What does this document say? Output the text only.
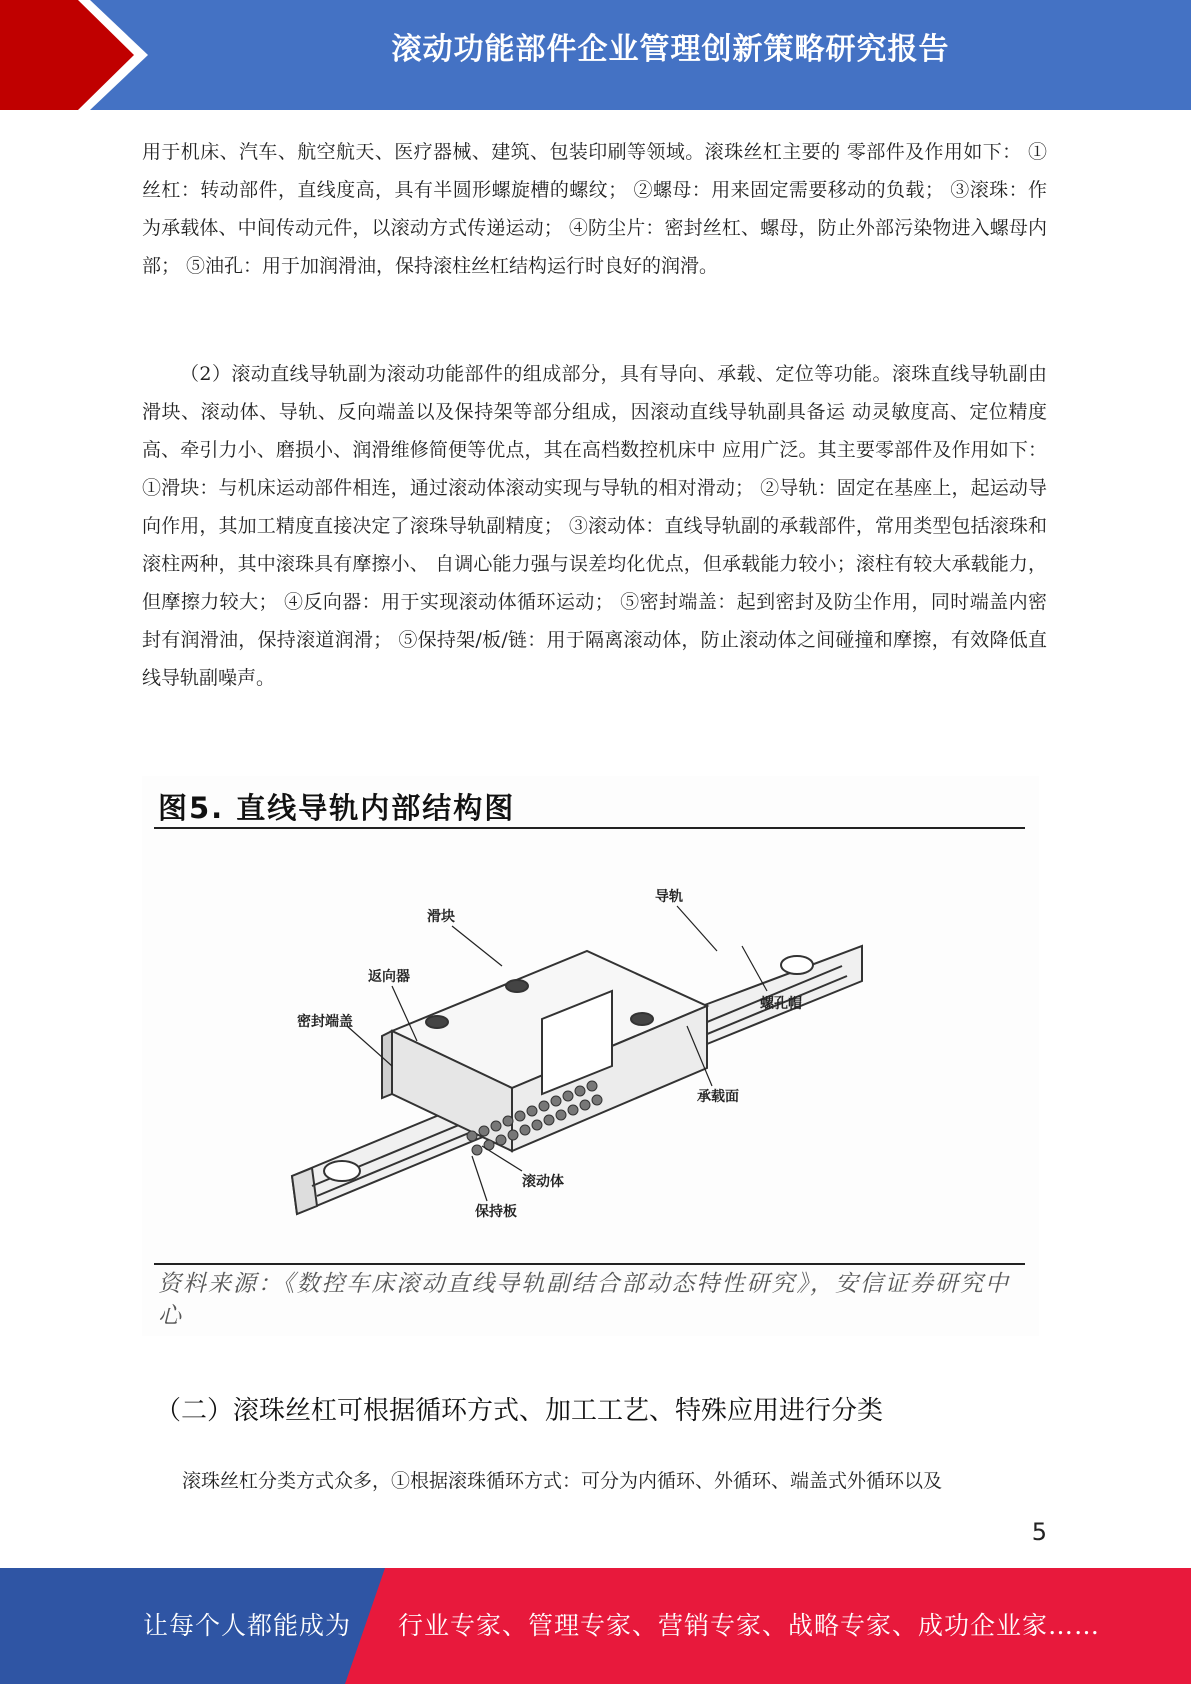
滚动功能部件企业管理创新策略研究报告

用于机床、汽车、航空航天、医疗器械、建筑、包装印刷等领域。滚珠丝杠主要的 零部件及作用如下： ①丝杠：转动部件，直线度高，具有半圆形螺旋槽的螺纹； ②螺母：用来固定需要移动的负载； ③滚珠：作为承载体、中间传动元件，以滚动方式传递运动； ④防尘片：密封丝杠、螺母，防止外部污染物进入螺母内部； ⑤油孔：用于加润滑油，保持滚柱丝杠结构运行时良好的润滑。

（2）滚动直线导轨副为滚动功能部件的组成部分，具有导向、承载、定位等功能。滚珠直线导轨副由滑块、滚动体、导轨、反向端盖以及保持架等部分组成，因滚动直线导轨副具备运 动灵敏度高、定位精度高、牵引力小、磨损小、润滑维修简便等优点，其在高档数控机床中 应用广泛。其主要零部件及作用如下： ①滑块：与机床运动部件相连，通过滚动体滚动实现与导轨的相对滑动； ②导轨：固定在基座上，起运动导向作用，其加工精度直接决定了滚珠导轨副精度； ③滚动体：直线导轨副的承载部件，常用类型包括滚珠和滚柱两种，其中滚珠具有摩擦小、 自调心能力强与误差均化优点，但承载能力较小；滚柱有较大承载能力，但摩擦力较大； ④反向器：用于实现滚动体循环运动； ⑤密封端盖：起到密封及防尘作用，同时端盖内密封有润滑油，保持滚道润滑； ⑤保持架/板/链：用于隔离滚动体，防止滚动体之间碰撞和摩擦，有效降低直线导轨副噪声。

图5. 直线导轨内部结构图
滑块
导轨
返向器
螺孔帽
密封端盖
承载面
滚动体
保持板
资料来源：《数控车床滚动直线导轨副结合部动态特性研究》，安信证券研究中心
（二）滚珠丝杠可根据循环方式、加工工艺、特殊应用进行分类

滚珠丝杠分类方式众多，①根据滚珠循环方式：可分为内循环、外循环、端盖式外循环以及

5
让每个人都能成为 行业专家、管理专家、营销专家、战略专家、成功企业家……
